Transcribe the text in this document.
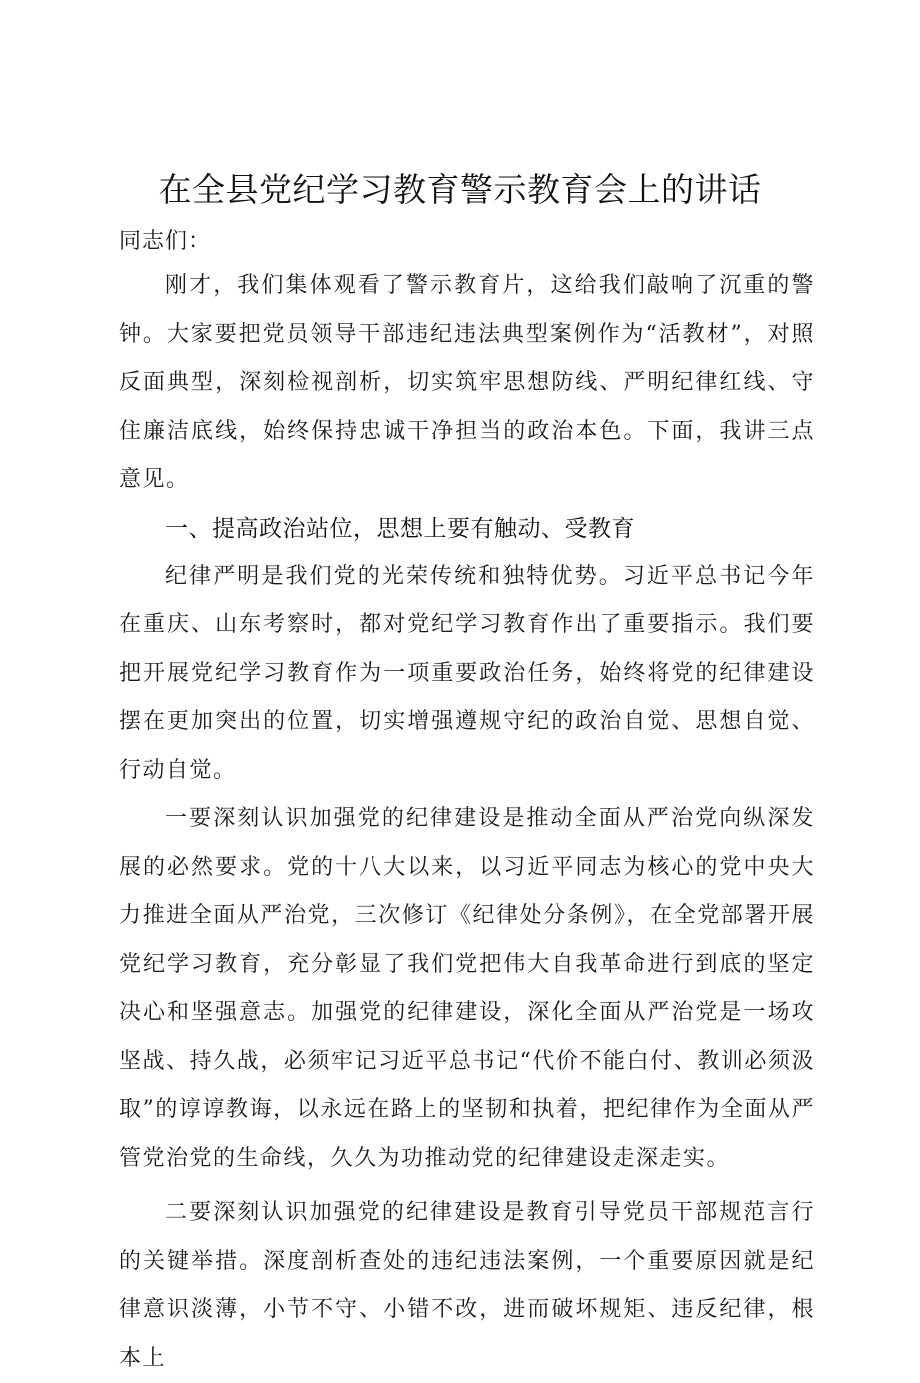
在全县党纪学习教育警示教育会上的讲话

同志们：

刚才，我们集体观看了警示教育片，这给我们敲响了沉重的警钟。大家要把党员领导干部违纪违法典型案例作为“活教材”，对照反面典型，深刻检视剖析，切实筑牢思想防线、严明纪律红线、守住廉洁底线，始终保持忠诚干净担当的政治本色。下面，我讲三点意见。

一、提高政治站位，思想上要有触动、受教育

纪律严明是我们党的光荣传统和独特优势。习近平总书记今年在重庆、山东考察时，都对党纪学习教育作出了重要指示。我们要把开展党纪学习教育作为一项重要政治任务，始终将党的纪律建设摆在更加突出的位置，切实增强遵规守纪的政治自觉、思想自觉、行动自觉。

一要深刻认识加强党的纪律建设是推动全面从严治党向纵深发展的必然要求。党的十八大以来，以习近平同志为核心的党中央大力推进全面从严治党，三次修订《纪律处分条例》，在全党部署开展党纪学习教育，充分彰显了我们党把伟大自我革命进行到底的坚定决心和坚强意志。加强党的纪律建设，深化全面从严治党是一场攻坚战、持久战，必须牢记习近平总书记“代价不能白付、教训必须汲取”的谆谆教诲，以永远在路上的坚韧和执着，把纪律作为全面从严管党治党的生命线，久久为功推动党的纪律建设走深走实。

二要深刻认识加强党的纪律建设是教育引导党员干部规范言行的关键举措。深度剖析查处的违纪违法案例，一个重要原因就是纪律意识淡薄，小节不守、小错不改，进而破坏规矩、违反纪律，根本上
